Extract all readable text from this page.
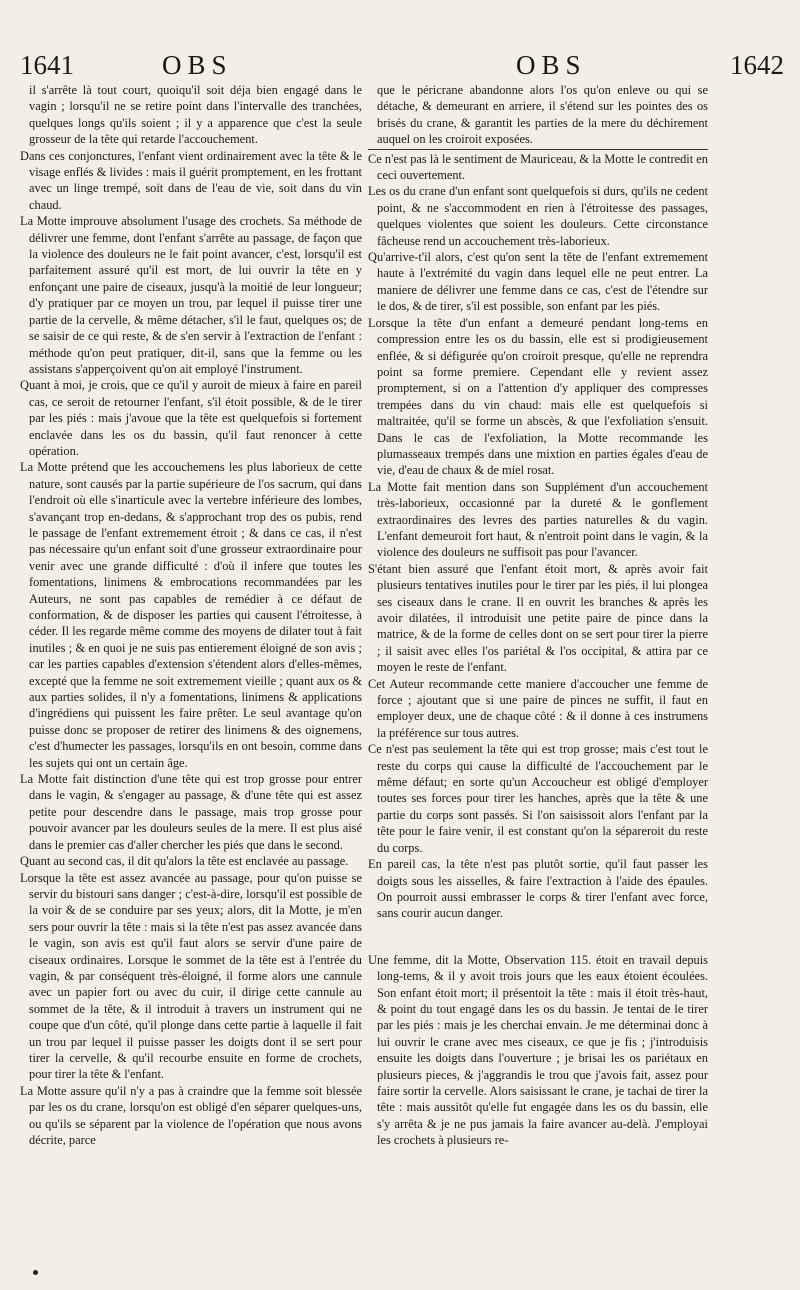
1641	OBS	OBS	1642

il s'arrête là tout court, quoiqu'il soit déja bien engagé dans le vagin ; lorsqu'il ne se retire point dans l'intervalle des tranchées, quelques longs qu'ils soient ; il y a apparence que c'est la seule grosseur de la tête qui retarde l'accouchement.

Dans ces conjonctures, l'enfant vient ordinairement avec la tête & le visage enflés & livides : mais il guérit promptement, en les frottant avec un linge trempé, soit dans de l'eau de vie, soit dans du vin chaud.

La Motte improuve absolument l'usage des crochets. Sa méthode de délivrer une femme, dont l'enfant s'arrête au passage, de façon que la violence des douleurs ne le fait point avancer, c'est, lorsqu'il est parfaitement assuré qu'il est mort, de lui ouvrir la tête en y enfonçant une paire de ciseaux, jusqu'à la moitié de leur longueur; d'y pratiquer par ce moyen un trou, par lequel il puisse tirer une partie de la cervelle, & même détacher, s'il le faut, quelques os; de se saisir de ce qui reste, & de s'en servir à l'extraction de l'enfant : méthode qu'on peut pratiquer, dit-il, sans que la femme ou les assistans s'apperçoivent qu'on ait employé l'instrument.

Quant à moi, je crois, que ce qu'il y auroit de mieux à faire en pareil cas, ce seroit de retourner l'enfant, s'il étoit possible, & de le tirer par les piés : mais j'avoue que la tête est quelquefois si fortement enclavée dans les os du bassin, qu'il faut renoncer à cette opération.

La Motte prétend que les accouchemens les plus laborieux de cette nature, sont causés par la partie supérieure de l'os sacrum, qui dans l'endroit où elle s'inarticule avec la vertebre inférieure des lombes, s'avançant trop en-dedans, & s'approchant trop des os pubis, rend le passage de l'enfant extremement étroit ; & dans ce cas, il n'est pas nécessaire qu'un enfant soit d'une grosseur extraordinaire pour venir avec une grande difficulté : d'où il infere que toutes les fomentations, linimens & embrocations recommandées par les Auteurs, ne sont pas capables de remédier à ce défaut de conformation, & de disposer les parties qui causent l'étroitesse, à céder. Il les regarde même comme des moyens de dilater tout à fait inutiles ; & en quoi je ne suis pas entierement éloigné de son avis ; car les parties capables d'extension s'étendent alors d'elles-mêmes, excepté que la femme ne soit extremement vieille ; quant aux os & aux parties solides, il n'y a fomentations, linimens & applications d'ingrédiens qui puissent les faire prêter. Le seul avantage qu'on puisse donc se proposer de retirer des linimens & des oignemens, c'est d'humecter les passages, lorsqu'ils en ont besoin, comme dans les sujets qui ont un certain âge.

La Motte fait distinction d'une tête qui est trop grosse pour entrer dans le vagin, & s'engager au passage, & d'une tête qui est assez petite pour descendre dans le passage, mais trop grosse pour pouvoir avancer par les douleurs seules de la mere. Il est plus aisé dans le premier cas d'aller chercher les piés que dans le second.

Quant au second cas, il dit qu'alors la tête est enclavée au passage.

Lorsque la tête est assez avancée au passage, pour qu'on puisse se servir du bistouri sans danger ; c'est-à-dire, lorsqu'il est possible de la voir & de se conduire par ses yeux; alors, dit la Motte, je m'en sers pour ouvrir la tête : mais si la tête n'est pas assez avancée dans le vagin, son avis est qu'il faut alors se servir d'une paire de ciseaux ordinaires. Lorsque le sommet de la tête est à l'entrée du vagin, & par conséquent très-éloigné, il forme alors une cannule avec un papier fort ou avec du cuir, il dirige cette cannule au sommet de la tête, & il introduit à travers un instrument qui ne coupe que d'un côté, qu'il plonge dans cette partie à laquelle il fait un trou par lequel il puisse passer les doigts dont il se sert pour tirer la cervelle, & qu'il recourbe ensuite en forme de crochets, pour tirer la tête & l'enfant.

La Motte assure qu'il n'y a pas à craindre que la femme soit blessée par les os du crane, lorsqu'on est obligé d'en séparer quelques-uns, ou qu'ils se séparent par la violence de l'opération que nous avons décrite, parce

que le péricrane abandonne alors l'os qu'on enleve ou qui se détache, & demeurant en arriere, il s'étend sur les pointes des os brisés du crane, & garantit les parties de la mere du déchirement auquel on les croiroit exposées.

Ce n'est pas là le sentiment de Mauriceau, & la Motte le contredit en ceci ouvertement.

Les os du crane d'un enfant sont quelquefois si durs, qu'ils ne cedent point, & ne s'accommodent en rien à l'étroitesse des passages, quelques violentes que soient les douleurs. Cette circonstance fâcheuse rend un accouchement très-laborieux.

Qu'arrive-t'il alors, c'est qu'on sent la tête de l'enfant extremement haute à l'extrémité du vagin dans lequel elle ne peut entrer. La maniere de délivrer une femme dans ce cas, c'est de l'étendre sur le dos, & de tirer, s'il est possible, son enfant par les piés.

Lorsque la tête d'un enfant a demeuré pendant long-tems en compression entre les os du bassin, elle est si prodigieusement enflée, & si défigurée qu'on croiroit presque, qu'elle ne reprendra point sa forme premiere. Cependant elle y revient assez promptement, si on a l'attention d'y appliquer des compresses trempées dans du vin chaud: mais elle est quelquefois si maltraitée, qu'il se forme un abscès, & que l'exfoliation s'ensuit. Dans le cas de l'exfoliation, la Motte recommande les plumasseaux trempés dans une mixtion en parties égales d'eau de vie, d'eau de chaux & de miel rosat.

La Motte fait mention dans son Supplément d'un accouchement très-laborieux, occasionné par la dureté & le gonflement extraordinaires des levres des parties naturelles & du vagin. L'enfant demeuroit fort haut, & n'entroit point dans le vagin, & la violence des douleurs ne suffisoit pas pour l'avancer.

S'étant bien assuré que l'enfant étoit mort, & après avoir fait plusieurs tentatives inutiles pour le tirer par les piés, il lui plongea ses ciseaux dans le crane. Il en ouvrit les branches & après les avoir dilatées, il introduisit une petite paire de pince dans la matrice, & de la forme de celles dont on se sert pour tirer la pierre ; il saisit avec elles l'os pariétal & l'os occipital, & attira par ce moyen le reste de l'enfant.

Cet Auteur recommande cette maniere d'accoucher une femme de force ; ajoutant que si une paire de pinces ne suffit, il faut en employer deux, une de chaque côté : & il donne à ces instrumens la préférence sur tous autres.

Ce n'est pas seulement la tête qui est trop grosse; mais c'est tout le reste du corps qui cause la difficulté de l'accouchement par le même défaut; en sorte qu'un Accoucheur est obligé d'employer toutes ses forces pour tirer les hanches, après que la tête & une partie du corps sont passés. Si l'on saisissoit alors l'enfant par la tête pour le faire venir, il est constant qu'on la sépareroit du reste du corps.

En pareil cas, la tête n'est pas plutôt sortie, qu'il faut passer les doigts sous les aisselles, & faire l'extraction à l'aide des épaules. On pourroit aussi embrasser le corps & tirer l'enfant avec force, sans courir aucun danger.

Une femme, dit la Motte, Observation 115. étoit en travail depuis long-tems, & il y avoit trois jours que les eaux étoient écoulées. Son enfant étoit mort; il présentoit la tête : mais il étoit très-haut, & point du tout engagé dans les os du bassin. Je tentai de le tirer par les piés : mais je les cherchai envain. Je me déterminai donc à lui ouvrir le crane avec mes ciseaux, ce que je fis ; j'introduisis ensuite les doigts dans l'ouverture ; je brisai les os pariétaux en plusieurs pieces, & j'aggrandis le trou que j'avois fait, assez pour faire sortir la cervelle. Alors saisissant le crane, je tachai de tirer la tête : mais aussitôt qu'elle fut engagée dans les os du bassin, elle s'y arrêta & je ne pus jamais la faire avancer au-delà. J'employai les crochets à plusieurs re-
